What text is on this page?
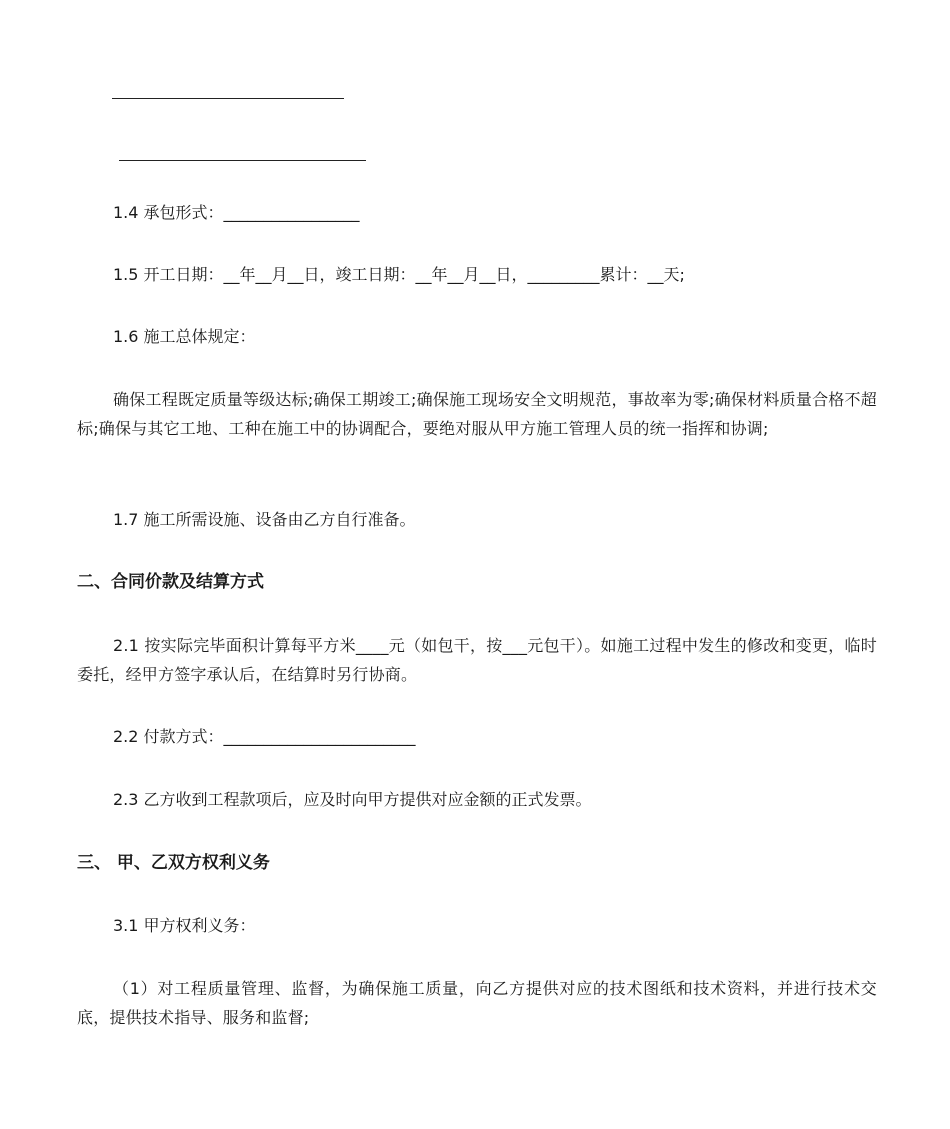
1.4 承包形式：_________________
1.5 开工日期：__年__月__日，竣工日期：__年__月__日，_________累计：__天;
1.6 施工总体规定：
确保工程既定质量等级达标;确保工期竣工;确保施工现场安全文明规范，事故率为零;确保材料质量合格不超标;确保与其它工地、工种在施工中的协调配合，要绝对服从甲方施工管理人员的统一指挥和协调;
1.7 施工所需设施、设备由乙方自行准备。
二、合同价款及结算方式
2.1 按实际完毕面积计算每平方米____元（如包干，按___元包干）。如施工过程中发生的修改和变更，临时委托，经甲方签字承认后，在结算时另行协商。
2.2 付款方式：________________________
2.3 乙方收到工程款项后，应及时向甲方提供对应金额的正式发票。
三、 甲、乙双方权利义务
3.1 甲方权利义务：
（1）对工程质量管理、监督，为确保施工质量，向乙方提供对应的技术图纸和技术资料，并进行技术交底，提供技术指导、服务和监督;
